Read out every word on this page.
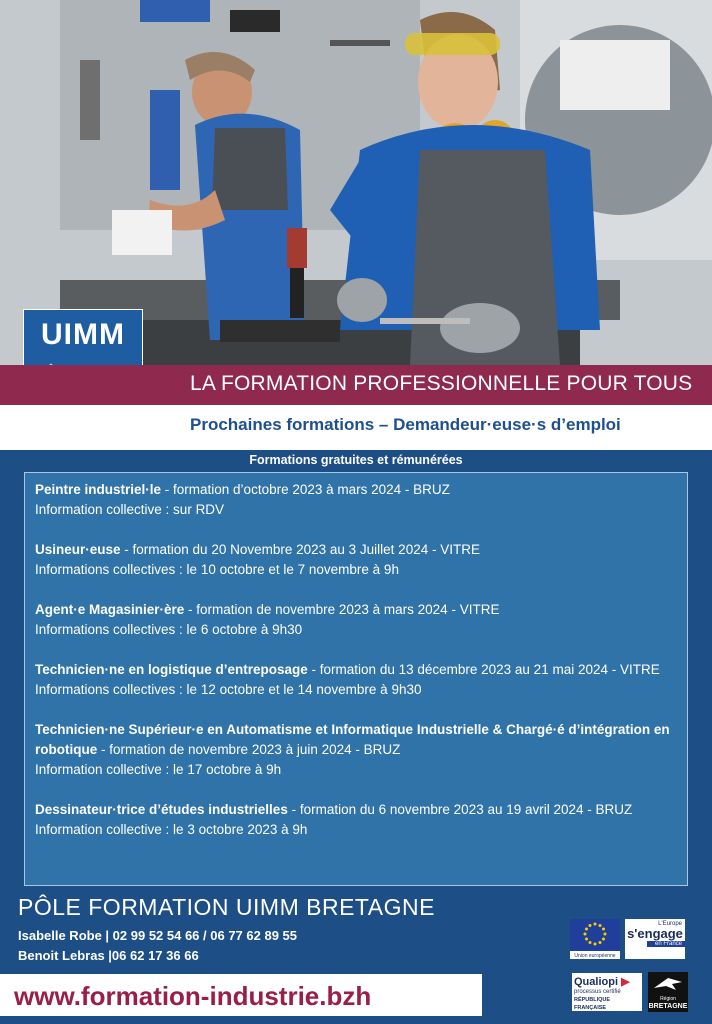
UIMM
LA FORMATION PROFESSIONNELLE POUR TOUS
Prochaines formations – Demandeur·euse·s d’emploi
Formations gratuites et rémunérées
Peintre industriel·le - formation d’octobre 2023 à mars 2024 - BRUZ
Information collective : sur RDV
Usineur·euse - formation du 20 Novembre 2023 au 3 Juillet 2024 - VITRE
Informations collectives : le 10 octobre et le 7 novembre à 9h
Agent·e Magasinier·ère - formation de novembre 2023 à mars 2024 - VITRE
Informations collectives : le 6 octobre à 9h30
Technicien·ne en logistique d’entreposage - formation du 13 décembre 2023 au 21 mai 2024 - VITRE
Informations collectives : le 12 octobre et le 14 novembre à 9h30
Technicien·ne Supérieur·e en Automatisme et Informatique Industrielle & Chargé·é d’intégration en robotique - formation de novembre 2023 à juin 2024 - BRUZ
Information collective : le 17 octobre à 9h
Dessinateur·trice d’études industrielles - formation du 6 novembre 2023 au 19 avril 2024 - BRUZ
Information collective : le 3 octobre 2023 à 9h
PÔLE FORMATION UIMM BRETAGNE
Isabelle Robe | 02 99 52 54 66 / 06 77 62 89 55
Benoit Lebras |06 62 17 36 66
www.formation-industrie.bzh
Union européenne
L'Europe
s'engage
en France
Qualiopi ▶
processus certifié
RÉPUBLIQUE FRANÇAISE
Région
BRETAGNE
